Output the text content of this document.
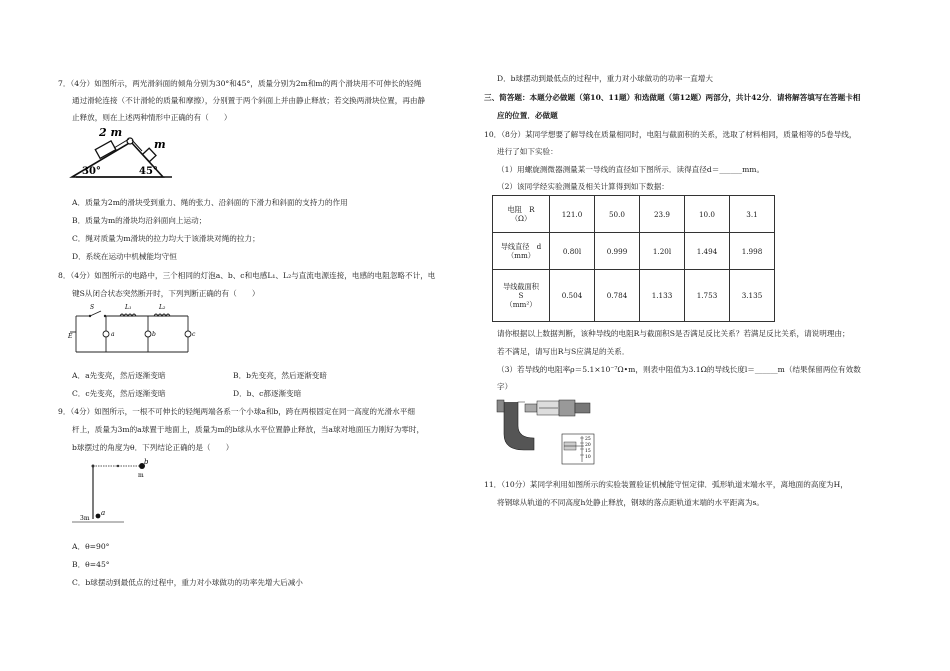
7．（4分）如图所示，两光滑斜面的倾角分别为30°和45°，质量分别为2m和m的两个滑块用不可伸长的轻绳
通过滑轮连接（不计滑轮的质量和摩擦），分别置于两个斜面上并由静止释放；若交换两滑块位置，再由静
止释放，则在上述两种情形中正确的有（　　）
2 m
m
30°	45°
A．质量为2m的滑块受到重力、绳的张力、沿斜面的下滑力和斜面的支持力的作用
B．质量为m的滑块均沿斜面向上运动；
C．绳对质量为m滑块的拉力均大于该滑块对绳的拉力；
D．系统在运动中机械能均守恒
8．（4分）如图所示的电路中，三个相同的灯泡a、b、c和电感L₁、L₂与直流电源连接，电感的电阻忽略不计，电
键S从闭合状态突然断开时，下列判断正确的有（　　）
S	L₁	L₂
E	a	b	c
A．a先变亮，然后逐渐变暗	B．b先变亮，然后逐渐变暗
C．c先变亮，然后逐渐变暗	D．b、c都逐渐变暗
9．（4分）如图所示，一根不可伸长的轻绳两端各系一个小球a和b，跨在两根固定在同一高度的光滑水平细
杆上，质量为3m的a球置于地面上，质量为m的b球从水平位置静止释放，当a球对地面压力刚好为零时，
b球摆过的角度为θ．下列结论正确的是（　　）
b
m
a
3m
A．θ=90°
B．θ=45°
C．b球摆动到最低点的过程中，重力对小球做功的功率先增大后减小
D．b球摆动到最低点的过程中，重力对小球做功的功率一直增大
三、简答题：本题分必做题（第10、11题）和选做题（第12题）两部分，共计42分．请将解答填写在答题卡相
应的位置．必做题
10．（8分）某同学想要了解导线在质量相同时，电阻与截面积的关系，选取了材料相同，质量相等的5卷导线，
进行了如下实验：
（1）用螺旋测微器测量某一导线的直径如下图所示．读得直径d＝______mm。
（2）该同学经实验测量及相关计算得到如下数据：
电阻　R
（Ω）	121.0	50.0	23.9	10.0	3.1

导线直径　d
（mm）	0.80l	0.999	1.20l	1.494	1.998

导线截面积
S
（mm²）	0.504	0.784	1.133	1.753	3.135
请你根据以上数据判断，该种导线的电阻R与截面积S是否满足反比关系？若满足反比关系，请说明理由；
若不满足，请写出R与S应满足的关系．
（3）若导线的电阻率ρ＝5.1×10⁻⁷Ω•m，则表中阻值为3.1Ω的导线长度l＝______m（结果保留两位有效数
字）
25
20
15
10
11．（10分）某同学利用如图所示的实验装置验证机械能守恒定律．弧形轨道末端水平，离地面的高度为H，
将钢球从轨道的不同高度h处静止释放，钢球的落点距轨道末端的水平距离为s。
